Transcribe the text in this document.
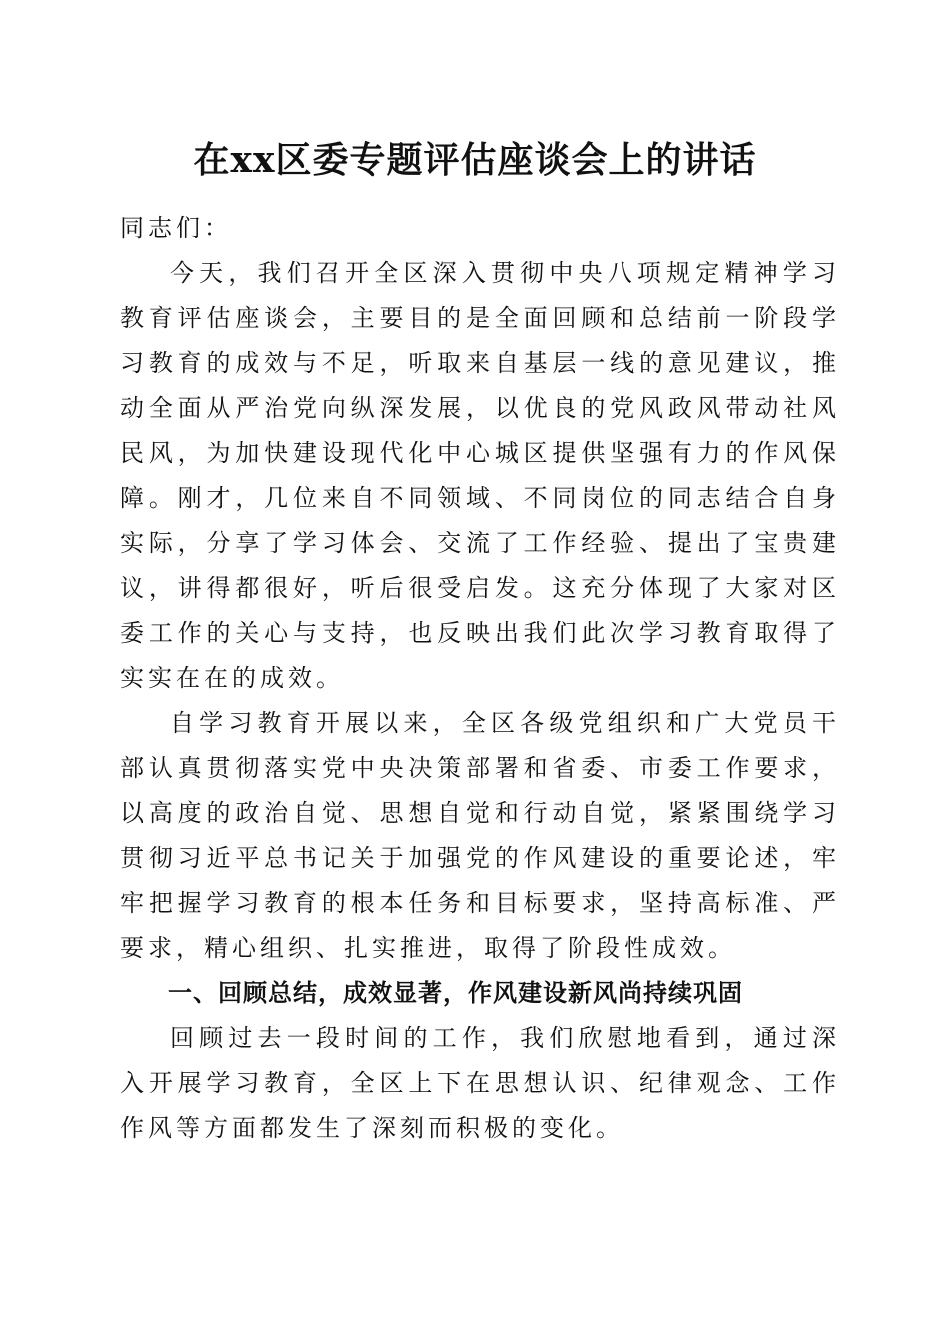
在xx区委专题评估座谈会上的讲话

同志们：

今天，我们召开全区深入贯彻中央八项规定精神学习教育评估座谈会，主要目的是全面回顾和总结前一阶段学习教育的成效与不足，听取来自基层一线的意见建议，推动全面从严治党向纵深发展，以优良的党风政风带动社风民风，为加快建设现代化中心城区提供坚强有力的作风保障。刚才，几位来自不同领域、不同岗位的同志结合自身实际，分享了学习体会、交流了工作经验、提出了宝贵建议，讲得都很好，听后很受启发。这充分体现了大家对区委工作的关心与支持，也反映出我们此次学习教育取得了实实在在的成效。

自学习教育开展以来，全区各级党组织和广大党员干部认真贯彻落实党中央决策部署和省委、市委工作要求，以高度的政治自觉、思想自觉和行动自觉，紧紧围绕学习贯彻习近平总书记关于加强党的作风建设的重要论述，牢牢把握学习教育的根本任务和目标要求，坚持高标准、严要求，精心组织、扎实推进，取得了阶段性成效。

一、回顾总结，成效显著，作风建设新风尚持续巩固

回顾过去一段时间的工作，我们欣慰地看到，通过深入开展学习教育，全区上下在思想认识、纪律观念、工作作风等方面都发生了深刻而积极的变化。
